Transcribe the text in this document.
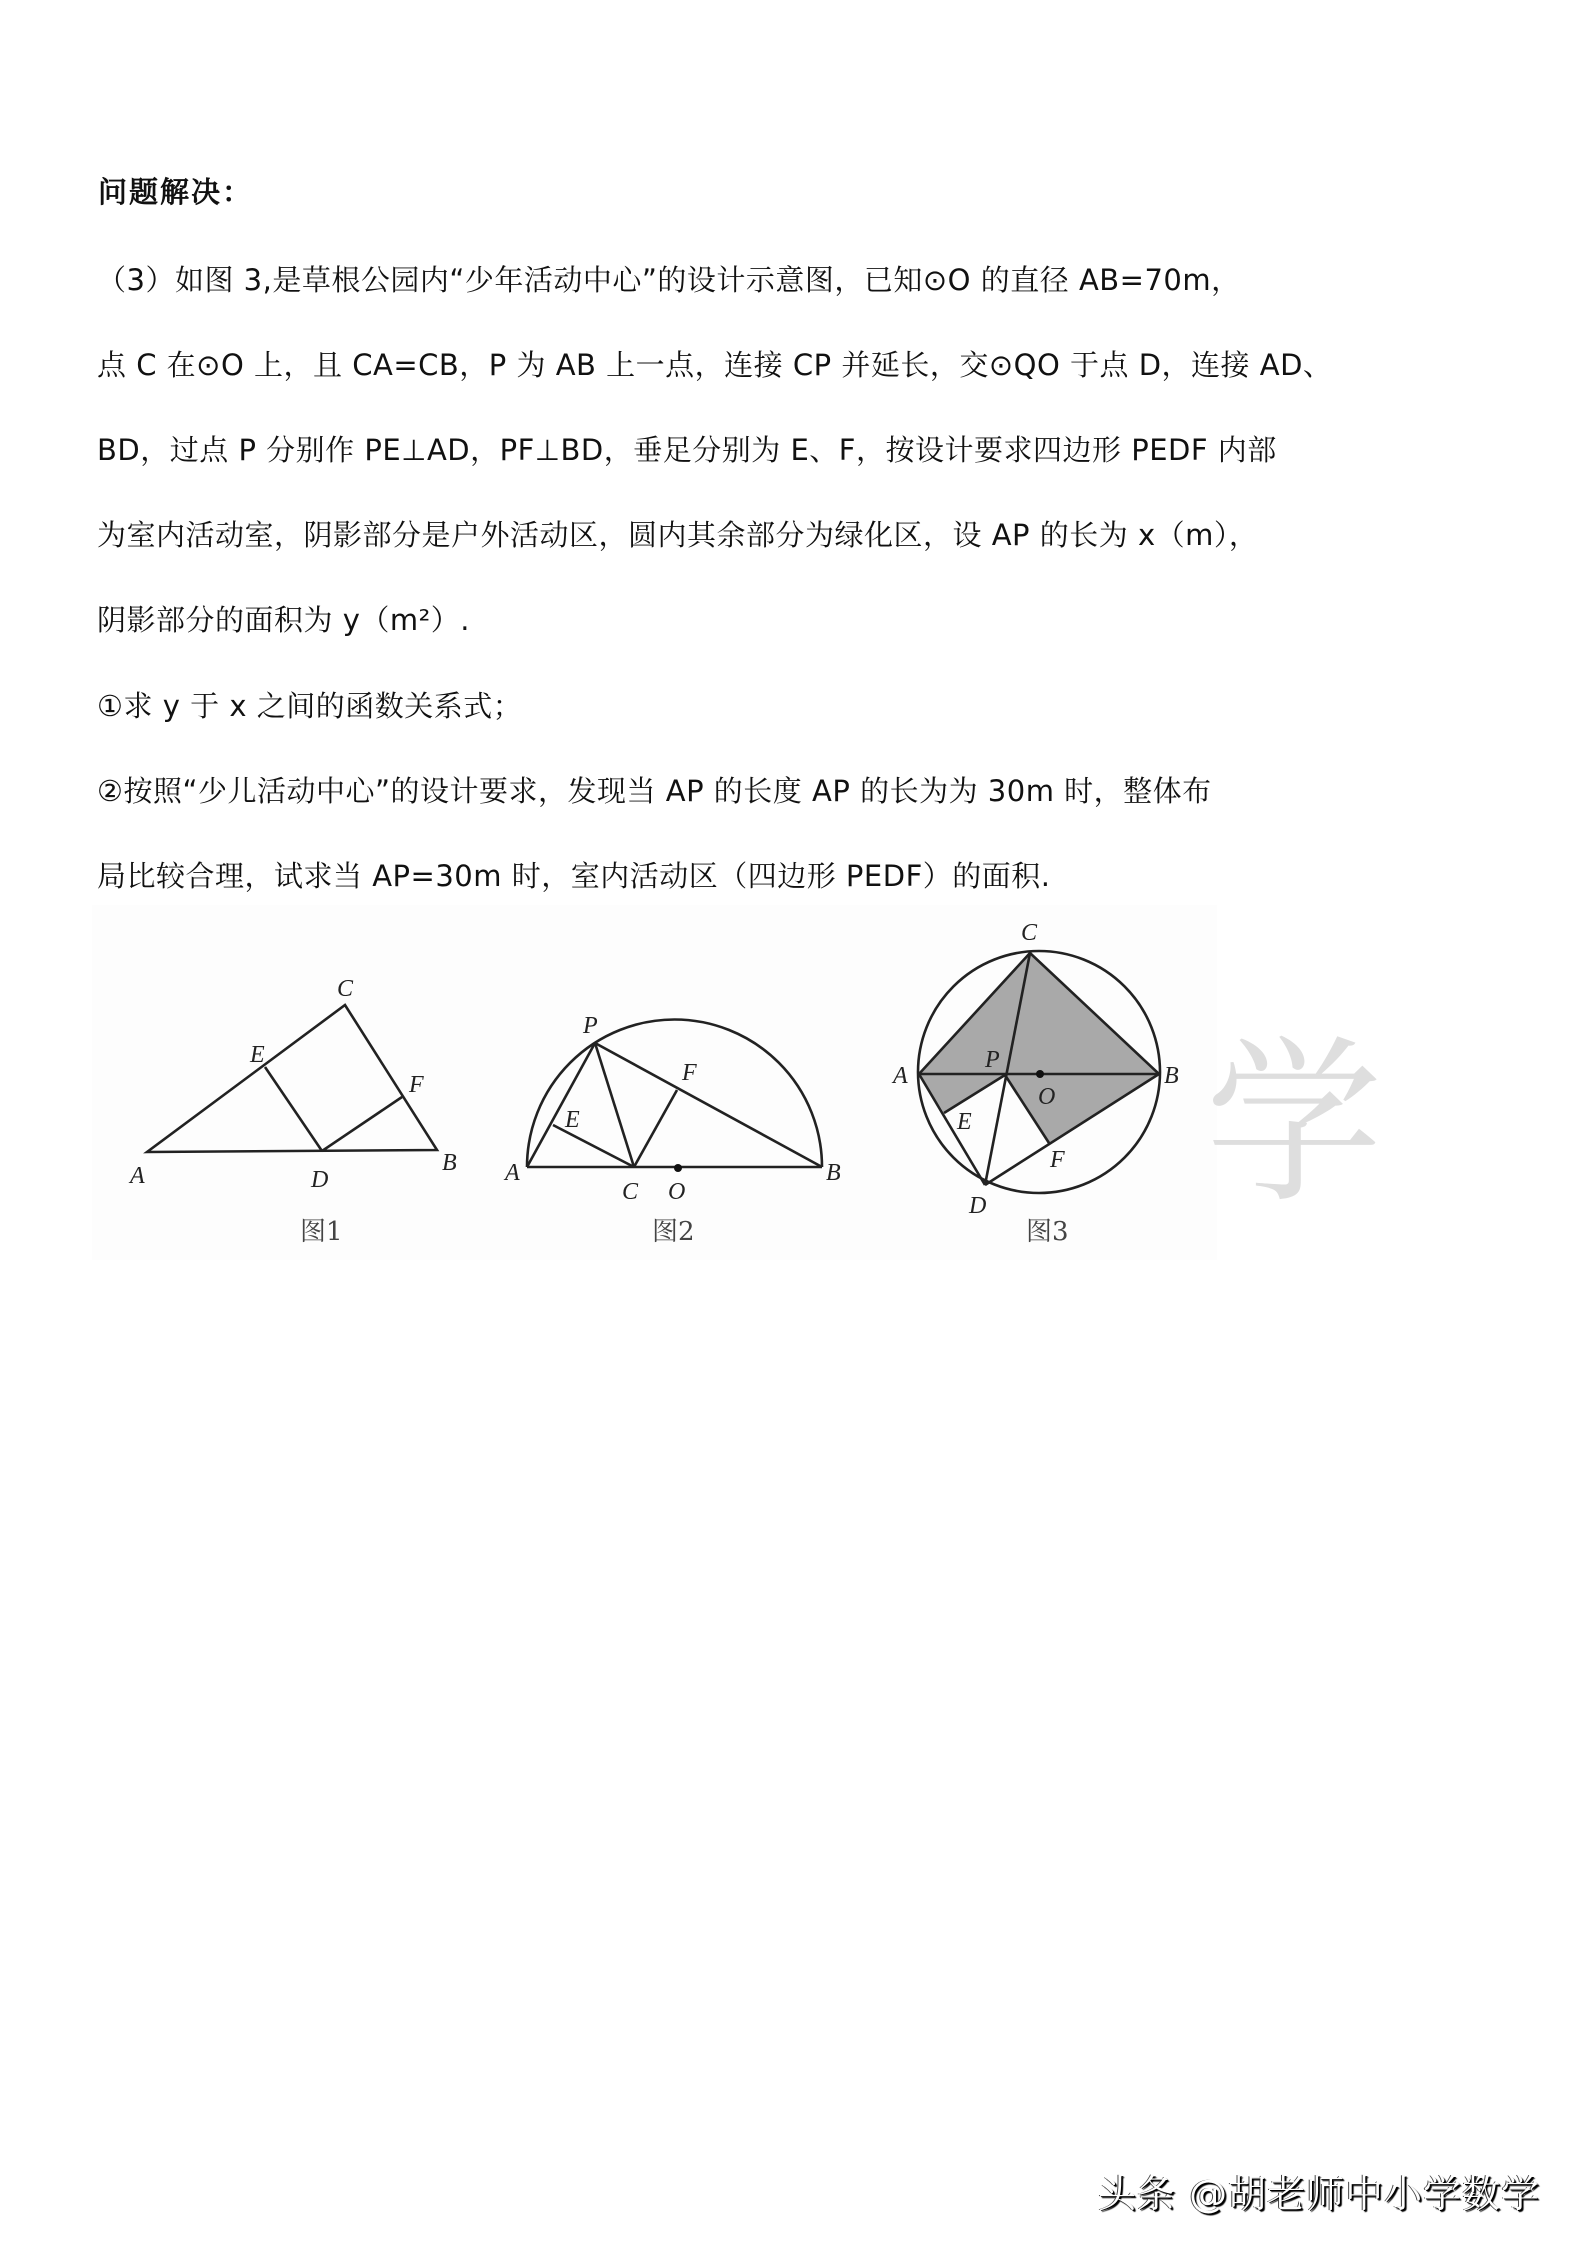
问题解决：
（3）如图 3,是草根公园内“少年活动中心”的设计示意图，已知⊙O 的直径 AB=70m，
点 C 在⊙O 上，且 CA=CB，P 为 AB 上一点，连接 CP 并延长，交⊙QO 于点 D，连接 AD、
BD，过点 P 分别作 PE⊥AD，PF⊥BD，垂足分别为 E、F，按设计要求四边形 PEDF 内部
为室内活动室，阴影部分是户外活动区，圆内其余部分为绿化区，设 AP 的长为 x（m），
阴影部分的面积为 y（m²）.
①求 y 于 x 之间的函数关系式；
②按照“少儿活动中心”的设计要求，发现当 AP 的长度 AP 的长为为 30m 时，整体布
局比较合理，试求当 AP=30m 时，室内活动区（四边形 PEDF）的面积.
A	D
B
C
E
F
A	B
C O
P
E
F	A	B
C
D
O
P
E
F
图1	图2	图3
学
头条 @胡老师中小学数学
